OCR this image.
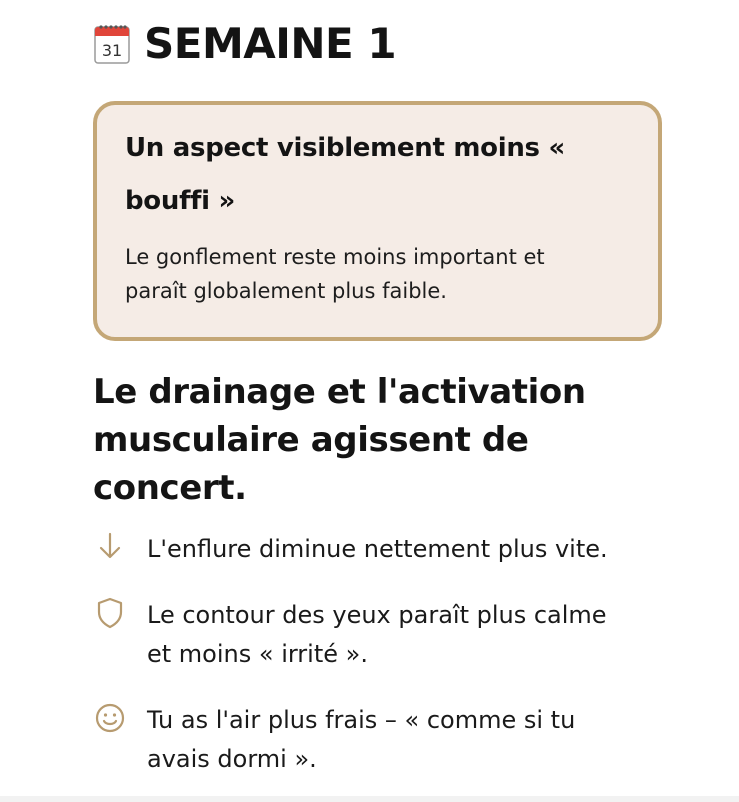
31 SEMAINE 1
Un aspect visiblement moins «
bouffi »

Le gonflement reste moins important et
paraît globalement plus faible.

Le drainage et l'activation
musculaire agissent de
concert.

L'enflure diminue nettement plus vite.

Le contour des yeux paraît plus calme
et moins « irrité ».

Tu as l'air plus frais – « comme si tu
avais dormi ».
